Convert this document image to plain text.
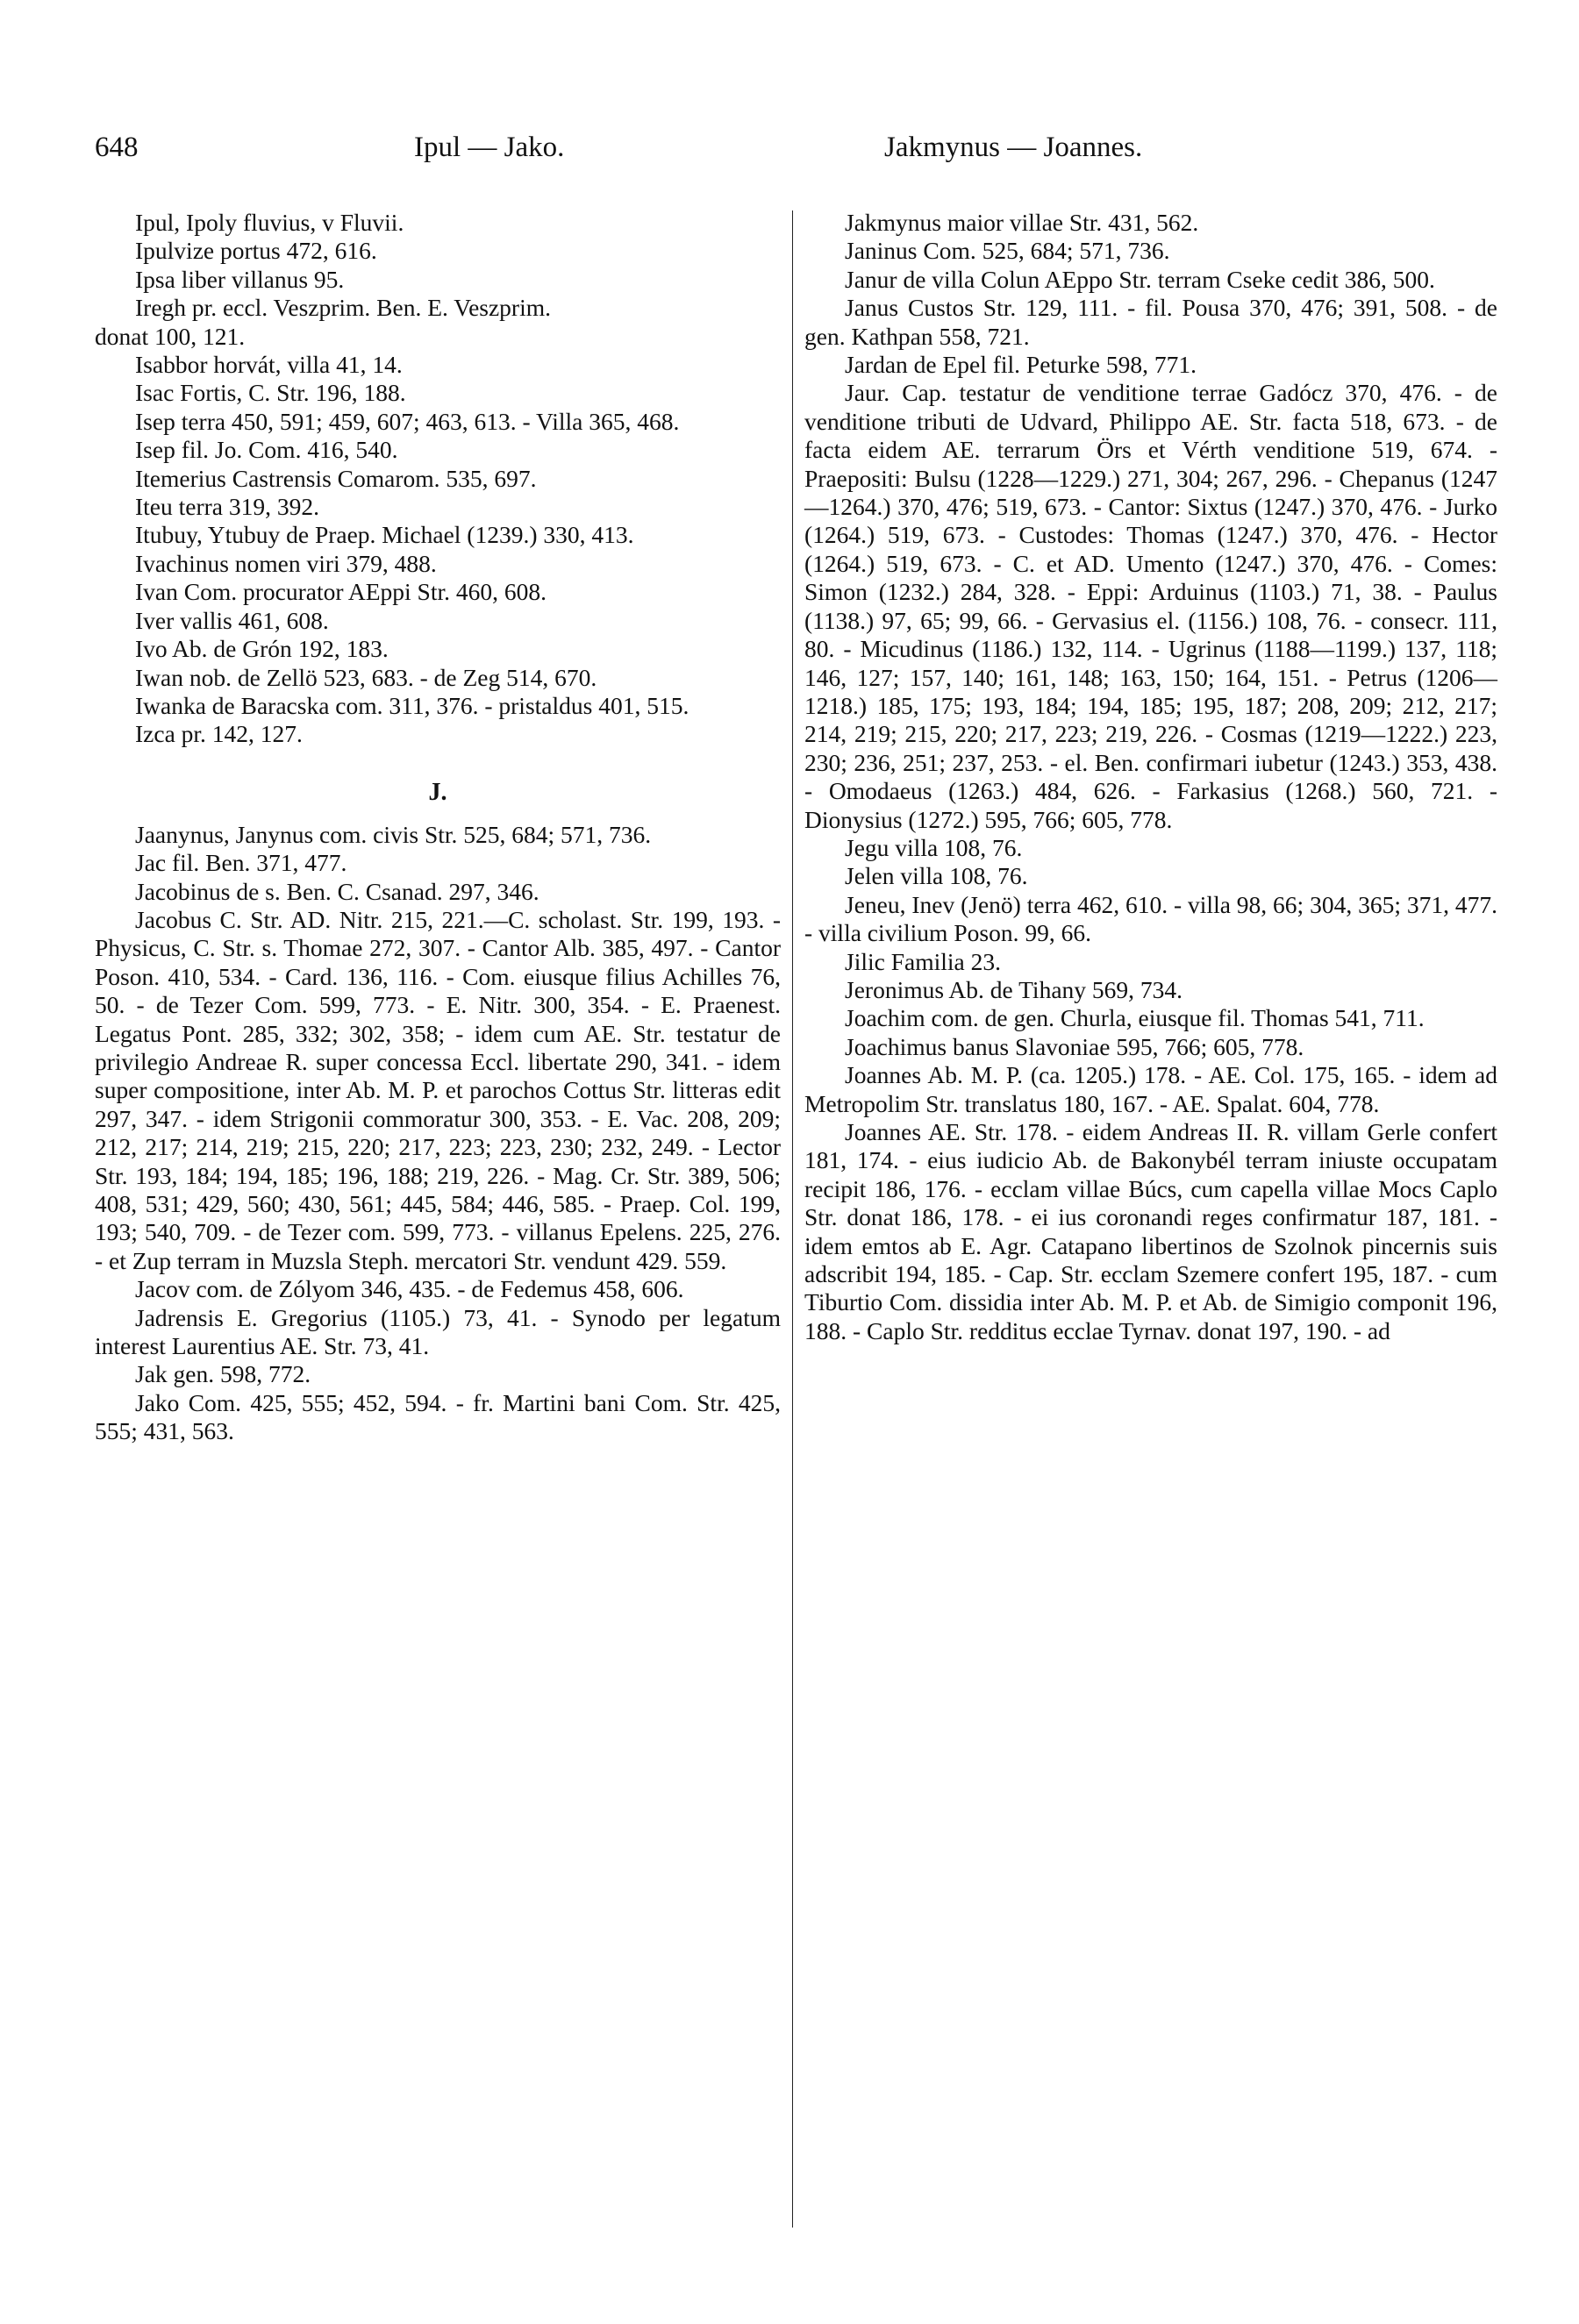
648	Ipul — Jako.	Jakmynus — Joannes.

Ipul, Ipoly fluvius, v Fluvii.

Ipulvize portus 472, 616.

Ipsa liber villanus 95.

Iregh pr. eccl. Veszprim. Ben. E. Veszprim.

donat 100, 121.

Isabbor horvát, villa 41, 14.

Isac Fortis, C. Str. 196, 188.

Isep terra 450, 591; 459, 607; 463, 613. - Villa 365, 468.

Isep fil. Jo. Com. 416, 540.

Itemerius Castrensis Comarom. 535, 697.

Iteu terra 319, 392.

Itubuy, Ytubuy de Praep. Michael (1239.) 330, 413.

Ivachinus nomen viri 379, 488.

Ivan Com. procurator AEppi Str. 460, 608.

Iver vallis 461, 608.

Ivo Ab. de Grón 192, 183.

Iwan nob. de Zellö 523, 683. - de Zeg 514, 670.

Iwanka de Baracska com. 311, 376. - pristaldus 401, 515.

Izca pr. 142, 127.

J.

Jaanynus, Janynus com. civis Str. 525, 684; 571, 736.

Jac fil. Ben. 371, 477.

Jacobinus de s. Ben. C. Csanad. 297, 346.

Jacobus C. Str. AD. Nitr. 215, 221.—C. scholast. Str. 199, 193. - Physicus, C. Str. s. Thomae 272, 307. - Cantor Alb. 385, 497. - Cantor Poson. 410, 534. - Card. 136, 116. - Com. eiusque filius Achilles 76, 50. - de Tezer Com. 599, 773. - E. Nitr. 300, 354. - E. Praenest. Legatus Pont. 285, 332; 302, 358; - idem cum AE. Str. testatur de privilegio Andreae R. super concessa Eccl. libertate 290, 341. - idem super compositione, inter Ab. M. P. et parochos Cottus Str. litteras edit 297, 347. - idem Strigonii commoratur 300, 353. - E. Vac. 208, 209; 212, 217; 214, 219; 215, 220; 217, 223; 223, 230; 232, 249. - Lector Str. 193, 184; 194, 185; 196, 188; 219, 226. - Mag. Cr. Str. 389, 506; 408, 531; 429, 560; 430, 561; 445, 584; 446, 585. - Praep. Col. 199, 193; 540, 709. - de Tezer com. 599, 773. - villanus Epelens. 225, 276. - et Zup terram in Muzsla Steph. mercatori Str. vendunt 429. 559.

Jacov com. de Zólyom 346, 435. - de Fedemus 458, 606.

Jadrensis E. Gregorius (1105.) 73, 41. - Synodo per legatum interest Laurentius AE. Str. 73, 41.

Jak gen. 598, 772.

Jako Com. 425, 555; 452, 594. - fr. Martini bani Com. Str. 425, 555; 431, 563.

Jakmynus maior villae Str. 431, 562.

Janinus Com. 525, 684; 571, 736.

Janur de villa Colun AEppo Str. terram Cseke cedit 386, 500.

Janus Custos Str. 129, 111. - fil. Pousa 370, 476; 391, 508. - de gen. Kathpan 558, 721.

Jardan de Epel fil. Peturke 598, 771.

Jaur. Cap. testatur de venditione terrae Gadócz 370, 476. - de venditione tributi de Udvard, Philippo AE. Str. facta 518, 673. - de facta eidem AE. terrarum Örs et Vérth venditione 519, 674. - Praepositi: Bulsu (1228—1229.) 271, 304; 267, 296. - Chepanus (1247—1264.) 370, 476; 519, 673. - Cantor: Sixtus (1247.) 370, 476. - Jurko (1264.) 519, 673. - Custodes: Thomas (1247.) 370, 476. - Hector (1264.) 519, 673. - C. et AD. Umento (1247.) 370, 476. - Comes: Simon (1232.) 284, 328. - Eppi: Arduinus (1103.) 71, 38. - Paulus (1138.) 97, 65; 99, 66. - Gervasius el. (1156.) 108, 76. - consecr. 111, 80. - Micudinus (1186.) 132, 114. - Ugrinus (1188—1199.) 137, 118; 146, 127; 157, 140; 161, 148; 163, 150; 164, 151. - Petrus (1206—1218.) 185, 175; 193, 184; 194, 185; 195, 187; 208, 209; 212, 217; 214, 219; 215, 220; 217, 223; 219, 226. - Cosmas (1219—1222.) 223, 230; 236, 251; 237, 253. - el. Ben. confirmari iubetur (1243.) 353, 438. - Omodaeus (1263.) 484, 626. - Farkasius (1268.) 560, 721. - Dionysius (1272.) 595, 766; 605, 778.

Jegu villa 108, 76.

Jelen villa 108, 76.

Jeneu, Inev (Jenö) terra 462, 610. - villa 98, 66; 304, 365; 371, 477. - villa civilium Poson. 99, 66.

Jilic Familia 23.

Jeronimus Ab. de Tihany 569, 734.

Joachim com. de gen. Churla, eiusque fil. Thomas 541, 711.

Joachimus banus Slavoniae 595, 766; 605, 778.

Joannes Ab. M. P. (ca. 1205.) 178. - AE. Col. 175, 165. - idem ad Metropolim Str. translatus 180, 167. - AE. Spalat. 604, 778.

Joannes AE. Str. 178. - eidem Andreas II. R. villam Gerle confert 181, 174. - eius iudicio Ab. de Bakonybél terram iniuste occupatam recipit 186, 176. - ecclam villae Búcs, cum capella villae Mocs Caplo Str. donat 186, 178. - ei ius coronandi reges confirmatur 187, 181. - idem emtos ab E. Agr. Catapano libertinos de Szolnok pincernis suis adscribit 194, 185. - Cap. Str. ecclam Szemere confert 195, 187. - cum Tiburtio Com. dissidia inter Ab. M. P. et Ab. de Simigio componit 196, 188. - Caplo Str. redditus ecclae Tyrnav. donat 197, 190. - ad
